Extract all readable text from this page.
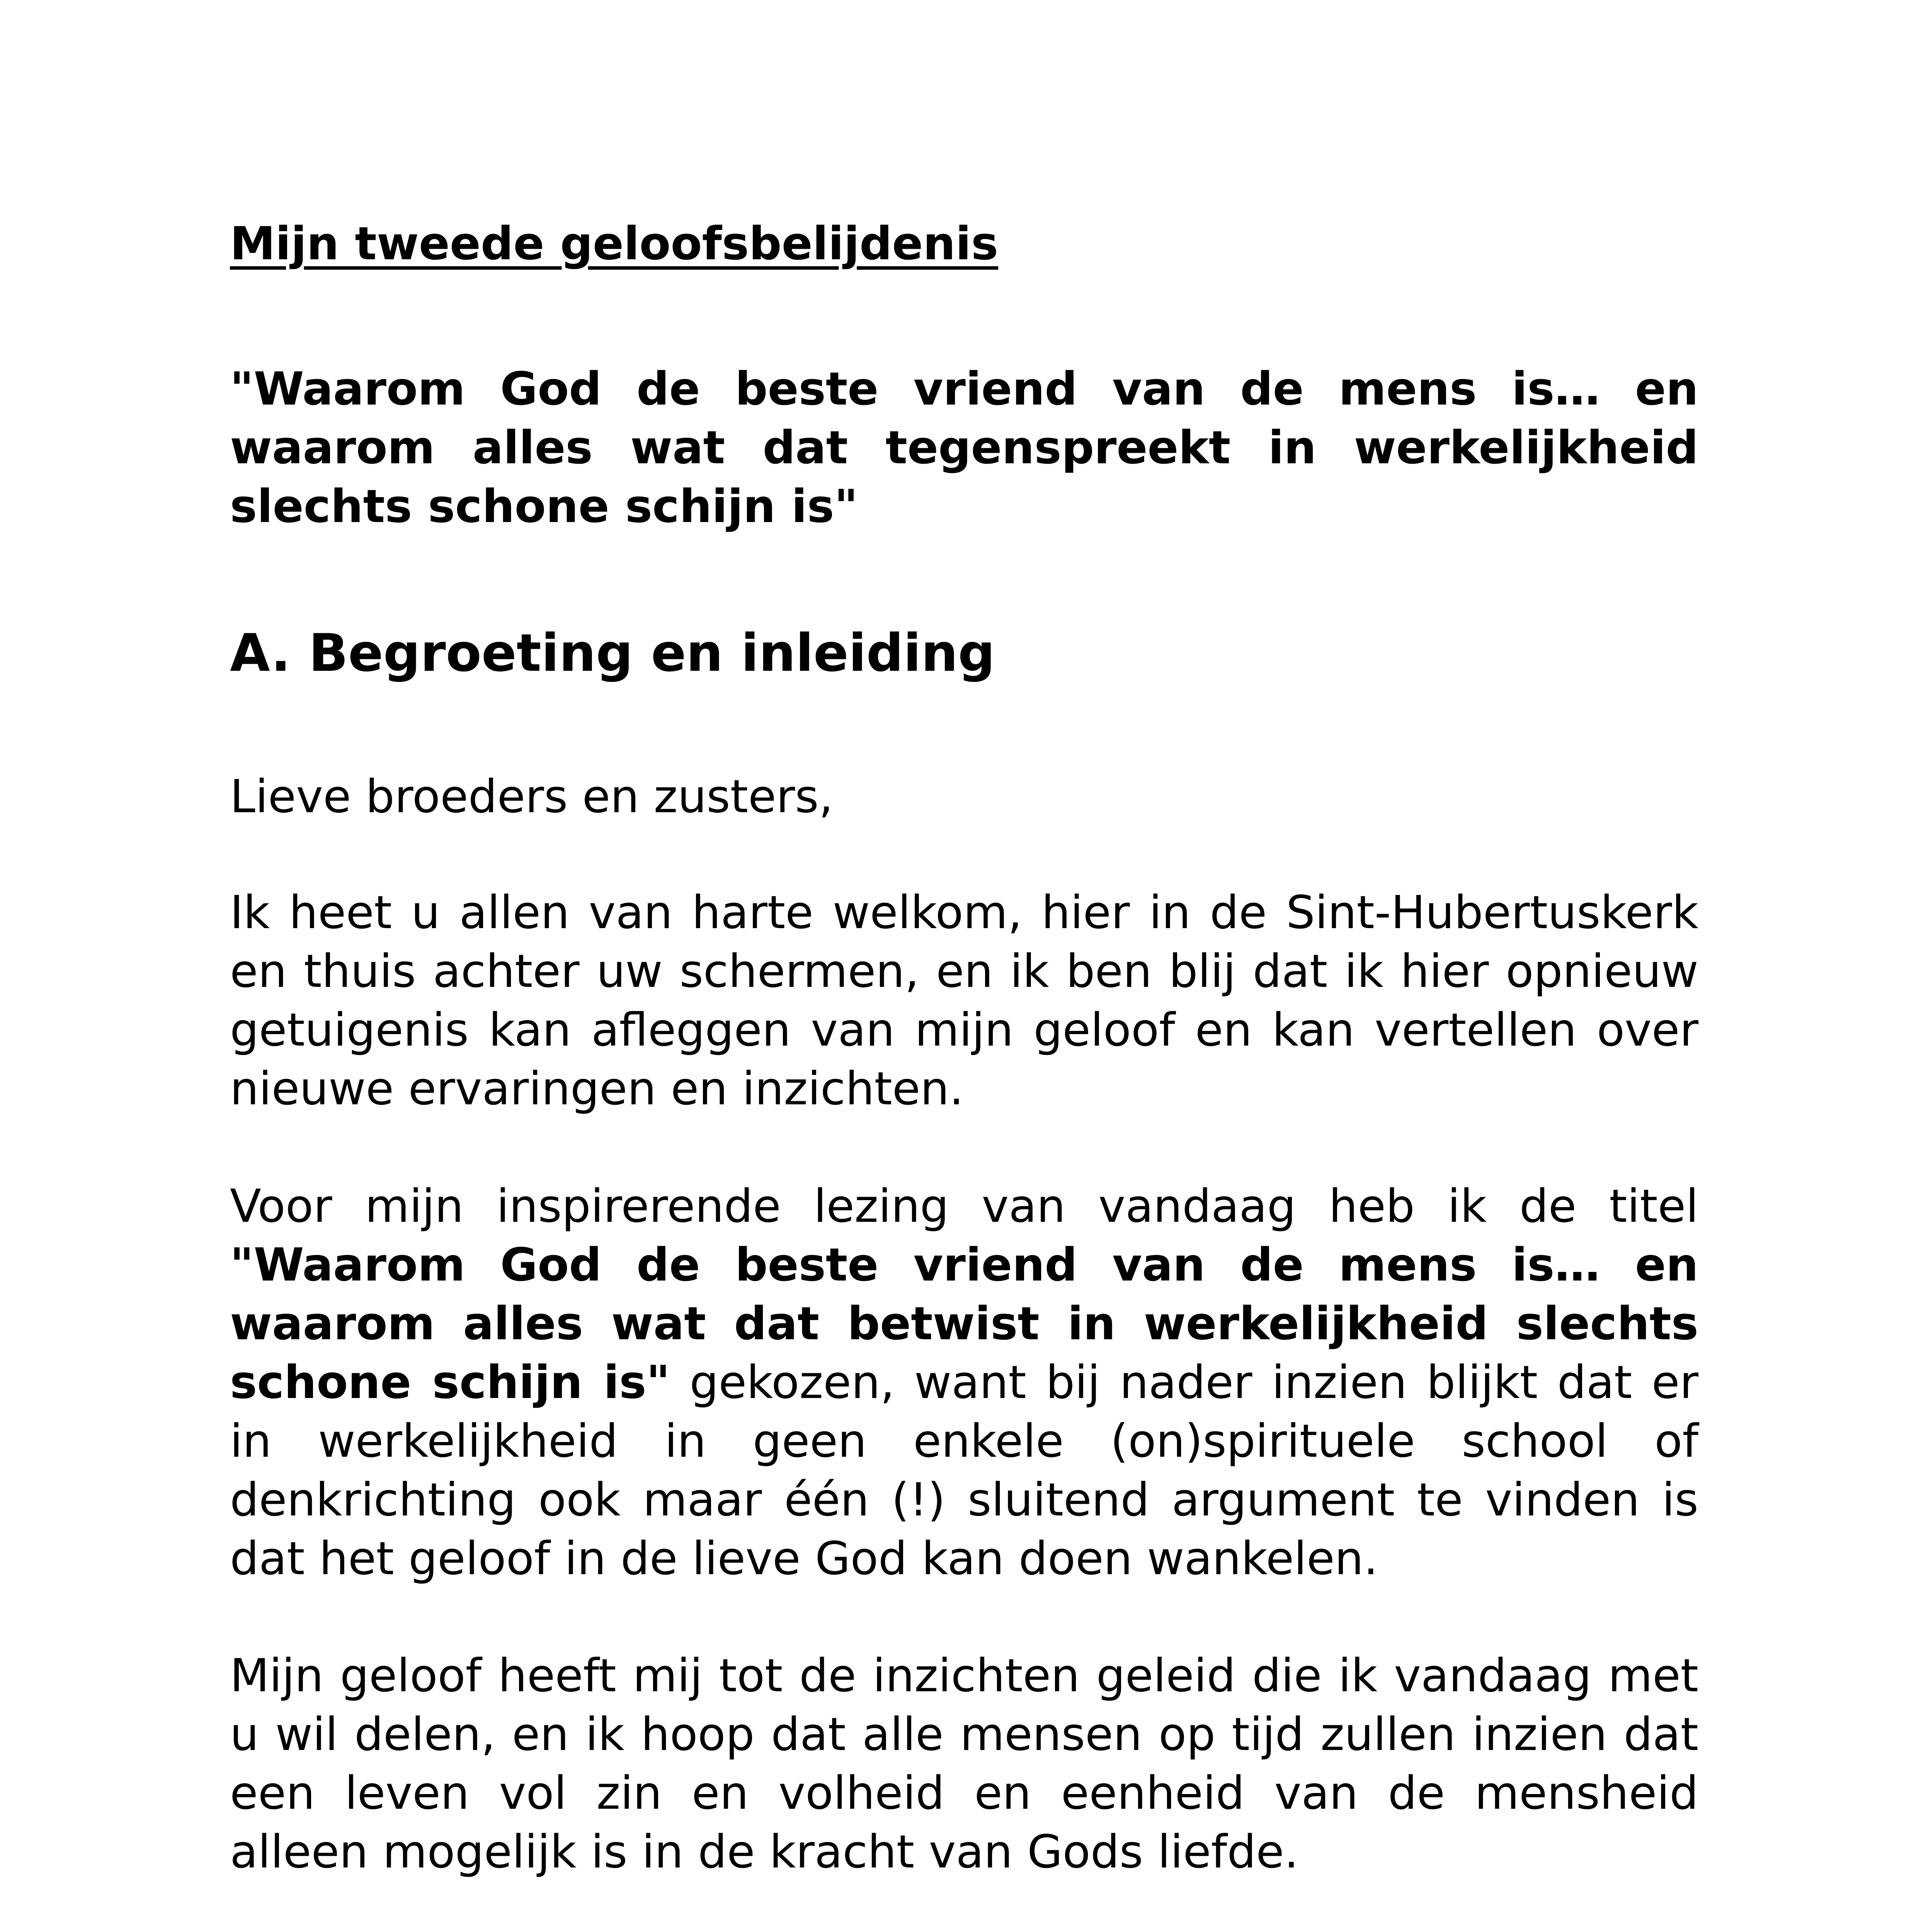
Mijn tweede geloofsbelijdenis

"Waarom God de beste vriend van de mens is… en waarom alles wat dat tegenspreekt in werkelijkheid slechts schone schijn is"

A. Begroeting en inleiding

Lieve broeders en zusters,

Ik heet u allen van harte welkom, hier in de Sint-Hubertuskerk en thuis achter uw schermen, en ik ben blij dat ik hier opnieuw getuigenis kan afleggen van mijn geloof en kan vertellen over nieuwe ervaringen en inzichten.

Voor mijn inspirerende lezing van vandaag heb ik de titel "Waarom God de beste vriend van de mens is… en waarom alles wat dat betwist in werkelijkheid slechts schone schijn is" gekozen, want bij nader inzien blijkt dat er in werkelijkheid in geen enkele (on)spirituele school of denkrichting ook maar één (!) sluitend argument te vinden is dat het geloof in de lieve God kan doen wankelen.

Mijn geloof heeft mij tot de inzichten geleid die ik vandaag met u wil delen, en ik hoop dat alle mensen op tijd zullen inzien dat een leven vol zin en volheid en eenheid van de mensheid alleen mogelijk is in de kracht van Gods liefde.
